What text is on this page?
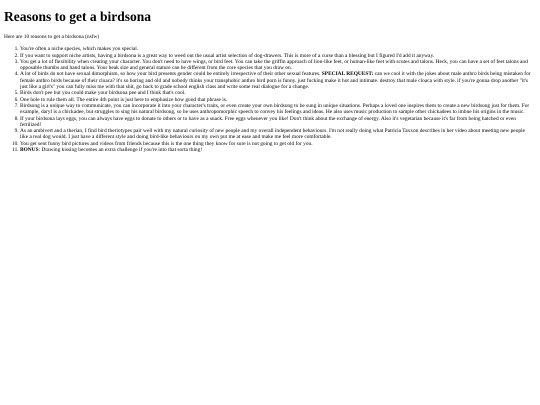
Reasons to get a birdsona

Here are 10 reasons to get a birdsona (nsfw)

1. You're often a niche species, which makes you special.
2. If you want to support niche artists, having a birdsona is a great way to weed out the usual artist selection of dog-drawers. This is more of a curse than a blessing but I figured I'd add it anyway.
3. You get a lot of flexibility when creating your character. You don't need to have wings, or bird feet. You can take the griffin approach of lion-like feet, or human-like feet with scutes and talons. Heck, you can have a set of feet talons and opposable thumbs and hand talons. Your beak size and general stature can be different from the core species that you draw on.
4. A lot of birds do not have sexual dimorphism, so how your bird presents gender could be entirely irrespective of their other sexual features. SPECIAL REQUEST: can we cool it with the jokes about male anthro birds being mistaken for female anthro birds because of their cloaca? it's so boring and old and nobody thinks your transphobic anthro bird porn is funny. just fucking make it hot and intimate. destroy that male cloaca with style. if you're gonna drop another "it's just like a girl's" you can fully miss me with that shit, go back to grade school english class and write some real dialogue for a change.
5. Birds don't pee but you could make your birdsona pee and I think that's cool.
6. One hole to rule them all. The entire 4th point is just here to emphasize how good that phrase is.
7. Birdsong is a unique way to communicate, you can incorporate it into your character's traits, or even create your own birdsong to be sung in unique situations. Perhaps a loved one inspires them to create a new birdsong just for them. For example, daryl is a chickadee, but struggles to sing his natural birdsong, so he uses anthropomorphic speech to convey his feelings and ideas. He also uses music production to sample other chickadees to imbue his origins in the music.
8. If your birdsona lays eggs, you can always have eggs to donate to others or to have as a snack. Free eggs whenever you like! Don't think about the exchange of energy. Also it's vegetarian because it's far from being hatched or even fertilized!
9. As an ambivert and a therian, I find bird theriotypes pair well with my natural curiosity of new people and my overall independent behaviours. I'm not really doing what Patricia Taxxon describes in her video about meeting new people like a real dog would. I just have a different style and doing bird-like behaviours on my own put me at ease and make me feel more comfortable.
10. You get sent funny bird pictures and videos from friends because this is the one thing they know for sure is not going to get old for you.
11. BONUS: Drawing kissing becomes an extra challenge if you're into that sorta thing!
